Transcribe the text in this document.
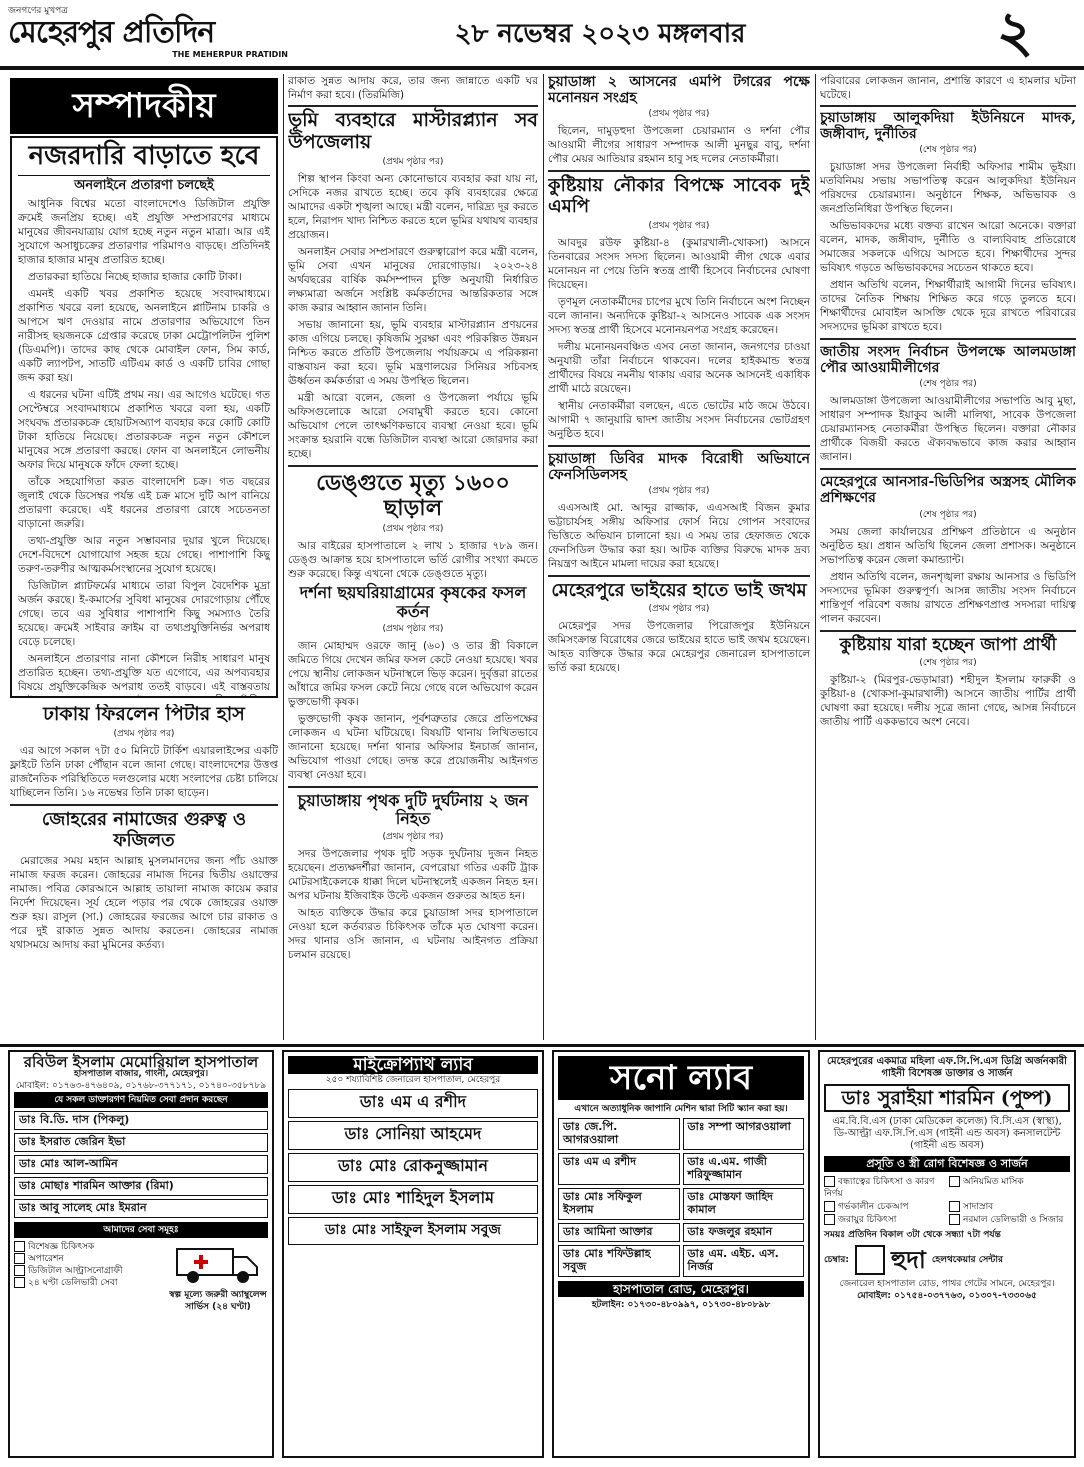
জনগণের মুখপত্র
মেহেরপুর প্রতিদিন
THE MEHERPUR PRATIDIN
২৮ নভেম্বর ২০২৩ মঙ্গলবার	২
সম্পাদকীয়
নজরদারি বাড়াতে হবে
অনলাইনে প্রতারণা চলছেই

আধুনিক বিশ্বের মতো বাংলাদেশেও ডিজিটাল প্রযুক্তি ক্রমেই জনপ্রিয় হচ্ছে। এই প্রযুক্তি সম্প্রসারণের মাধ্যমে মানুষের জীবনযাত্রায় যোগ হচ্ছে নতুন নতুন মাত্রা। আর এই সুযোগে অসাধুচক্রের প্রতারণার পরিমাণও বাড়ছে। প্রতিদিনই হাজার হাজার মানুষ প্রতারিত হচ্ছে।

প্রতারকরা হাতিয়ে নিচ্ছে হাজার হাজার কোটি টাকা।

এমনই একটি খবর প্রকাশিত হয়েছে সংবাদমাধ্যমে। প্রকাশিত খবরে বলা হয়েছে, অনলাইনে প্লাটিনাম চাকরি ও আপসে ঋণ দেওয়ার নামে প্রতারণার অভিযোগে তিন নারীসহ ছয়জনকে গ্রেপ্তার করেছে ঢাকা মেট্রোপলিটন পুলিশ (ডিএমপি)। তাদের কাছ থেকে মোবাইল ফোন, সিম কার্ড, একটি ল্যাপটপ, সাতটি এটিএম কার্ড ও একটি চাবির গোছা জব্দ করা হয়।

এ ধরনের ঘটনা এটিই প্রথম নয়। এর আগেও ঘটেছে। গত সেপ্টেম্বরে সংবাদমাধ্যমে প্রকাশিত খবরে বলা হয়, একটি সংঘবদ্ধ প্রতারকচক্র হোয়াটসঅ্যাপ ব্যবহার করে কোটি কোটি টাকা হাতিয়ে নিয়েছে। প্রতারকচক্র নতুন নতুন কৌশলে মানুষের সঙ্গে প্রতারণা করছে। ফোন বা অনলাইনে লোভনীয় অফার দিয়ে মানুষকে ফাঁদে ফেলা হচ্ছে।

তাঁকে সহযোগিতা করত বাংলাদেশি চক্র। গত বছরের জুলাই থেকে ডিসেম্বর পর্যন্ত এই চক্র মাসে দুটি আপ বানিয়ে প্রতারণা করেছে। এই ধরনের প্রতারণা রোধে সচেতনতা বাড়ানো জরুরি।

তথ্য-প্রযুক্তি আর নতুন সম্ভাবনার দুয়ার খুলে দিয়েছে। দেশে-বিদেশে যোগাযোগ সহজ হয়ে গেছে। পাশাপাশি কিছু তরুণ-তরুণীর আত্মকর্মসংস্থানের সুযোগ হয়েছে।

ডিজিটাল প্ল্যাটফর্মের মাধ্যমে তারা বিপুল বৈদেশিক মুদ্রা অর্জন করছে। ই-কমার্সের সুবিধা মানুষের দোরগোড়ায় পৌঁছে গেছে। তবে এর সুবিধার পাশাপাশি কিছু সমস্যাও তৈরি হয়েছে। ক্রমেই সাইবার ক্রাইম বা তথ্যপ্রযুক্তিনির্ভর অপরাধ বেড়ে চলেছে।

অনলাইনে প্রতারণার নানা কৌশলে নিরীহ সাধারণ মানুষ প্রতারিত হচ্ছেন। তথ্য-প্রযুক্তি যত এগোবে, এর অপব্যবহার বিষয়ে প্রযুক্তিকেন্দ্রিক অপরাধ ততই বাড়বে। এই বাস্তবতায়

ঢাকায় ফিরলেন পিটার হাস
(প্রথম পৃষ্ঠার পর)

এর আগে সকাল ৭টা ৫০ মিনিটে টার্কিশ এয়ারলাইন্সের একটি ফ্লাইটে তিনি ঢাকা পৌঁছান বলে জানা গেছে। বাংলাদেশের উত্তপ্ত রাজনৈতিক পরিস্থিতিতে দলগুলোর মধ্যে সংলাপের চেষ্টা চালিয়ে যাচ্ছিলেন তিনি। ১৬ নভেম্বর তিনি ঢাকা ছাড়েন।

জোহরের নামাজের গুরুত্ব ও ফজিলত

মেরাজের সময় মহান আল্লাহ মুসলমানদের জন্য পাঁচ ওয়াক্ত নামাজ ফরজ করেন। জোহরের নামাজ দিনের দ্বিতীয় ওয়াক্তের নামাজ। পবিত্র কোরআনে আল্লাহ তায়ালা নামাজ কায়েম করার নির্দেশ দিয়েছেন। সূর্য হেলে পড়ার পর থেকে জোহরের ওয়াক্ত শুরু হয়। রাসুল (সা.) জোহরের ফরজের আগে চার রাকাত ও পরে দুই রাকাত সুন্নত আদায় করতেন। জোহরের নামাজ যথাসময়ে আদায় করা মুমিনের কর্তব্য।

রাকাত সুন্নত আদায় করে, তার জন্য জান্নাতে একটি ঘর নির্মাণ করা হবে। (তিরমিজি)

ভূমি ব্যবহারে মাস্টারপ্ল্যান সব উপজেলায়
(প্রথম পৃষ্ঠার পর)

শিল্প স্থাপন কিংবা অন্য কোনোভাবে ব্যবহার করা যায় না, সেদিকে নজর রাখতে হচ্ছে। তবে কৃষি ব্যবহারের ক্ষেত্রে আমাদের একটা শৃঙ্খলা আছে। মন্ত্রী বলেন, দারিদ্র্য দূর করতে হলে, নিরাপদ খাদ্য নিশ্চিত করতে হলে ভূমির যথাযথ ব্যবহার প্রয়োজন।

অনলাইন সেবার সম্প্রসারণে গুরুত্বারোপ করে মন্ত্রী বলেন, ভূমি সেবা এখন মানুষের দোরগোড়ায়। ২০২৩-২৪ অর্থবছরের বার্ষিক কর্মসম্পাদন চুক্তি অনুযায়ী নির্ধারিত লক্ষ্যমাত্রা অর্জনে সংশ্লিষ্ট কর্মকর্তাদের আন্তরিকতার সঙ্গে কাজ করার আহ্বান জানান তিনি।

সভায় জানানো হয়, ভূমি ব্যবহার মাস্টারপ্ল্যান প্রণয়নের কাজ এগিয়ে চলছে। কৃষিজমি সুরক্ষা এবং পরিকল্পিত উন্নয়ন নিশ্চিত করতে প্রতিটি উপজেলায় পর্যায়ক্রমে এ পরিকল্পনা বাস্তবায়ন করা হবে। ভূমি মন্ত্রণালয়ের সিনিয়র সচিবসহ ঊর্ধ্বতন কর্মকর্তারা এ সময় উপস্থিত ছিলেন।

মন্ত্রী আরো বলেন, জেলা ও উপজেলা পর্যায়ে ভূমি অফিসগুলোকে আরো সেবামুখী করতে হবে। কোনো অভিযোগ পেলে তাৎক্ষণিকভাবে ব্যবস্থা নেওয়া হবে। ভূমি সংক্রান্ত হয়রানি বন্ধে ডিজিটাল ব্যবস্থা আরো জোরদার করা হচ্ছে।

ডেঙ্গুতে মৃত্যু ১৬০০ ছাড়াল
(প্রথম পৃষ্ঠার পর)

আর বাইরের হাসপাতালে ২ লাখ ১ হাজার ৭৮৯ জন। ডেঙ্গু আক্রান্ত হয়ে হাসপাতালে ভর্তি রোগীর সংখ্যা কমতে শুরু করেছে। কিন্তু এখনো থেকে ডেঙ্গুতে মৃত্যু।

দর্শনা ছয়ঘরিয়াগ্রামের কৃষকের ফসল কর্তন
(প্রথম পৃষ্ঠার পর)

জান মোহাম্মদ ওরফে জানু (৬০) ও তার স্ত্রী বিকালে জমিতে গিয়ে দেখেন জমির ফসল কেটে নেওয়া হয়েছে। খবর পেয়ে স্থানীয় লোকজন ঘটনাস্থলে ভিড় করেন। দুর্বৃত্তরা রাতের আঁধারে জমির ফসল কেটে নিয়ে গেছে বলে অভিযোগ করেন ভুক্তভোগী কৃষক।

ভুক্তভোগী কৃষক জানান, পূর্বশত্রুতার জেরে প্রতিপক্ষের লোকজন এ ঘটনা ঘটিয়েছে। বিষয়টি থানায় লিখিতভাবে জানানো হয়েছে। দর্শনা থানার অফিসার ইনচার্জ জানান, অভিযোগ পাওয়া গেছে। তদন্ত করে প্রয়োজনীয় আইনগত ব্যবস্থা নেওয়া হবে।

চুয়াডাঙ্গায় পৃথক দুটি দুর্ঘটনায় ২ জন নিহত
(প্রথম পৃষ্ঠার পর)

সদর উপজেলার পৃথক দুটি সড়ক দুর্ঘটনায় দুজন নিহত হয়েছেন। প্রত্যক্ষদর্শীরা জানান, বেপরোয়া গতির একটি ট্রাক মোটরসাইকেলকে ধাক্কা দিলে ঘটনাস্থলেই একজন নিহত হন। অপর ঘটনায় ইজিবাইক উল্টে একজন গুরুতর আহত হন।

আহত ব্যক্তিকে উদ্ধার করে চুয়াডাঙ্গা সদর হাসপাতালে নেওয়া হলে কর্তব্যরত চিকিৎসক তাঁকে মৃত ঘোষণা করেন। সদর থানার ওসি জানান, এ ঘটনায় আইনগত প্রক্রিয়া চলমান রয়েছে।

চুয়াডাঙ্গা ২ আসনের এমপি টগরের পক্ষে মনোনয়ন সংগ্রহ
(প্রথম পৃষ্ঠার পর)

ছিলেন, দামুড়হুদা উপজেলা চেয়ারম্যান ও দর্শনা পৌর আওয়ামী লীগের সাধারণ সম্পাদক আলী মুনছুর বাবু, দর্শনা পৌর মেয়র আতিয়ার রহমান হাবু সহ দলের নেতাকর্মীরা।

কুষ্টিয়ায় নৌকার বিপক্ষে সাবেক দুই এমপি
(প্রথম পৃষ্ঠার পর)

আবদুর রউফ কুষ্টিয়া-৪ (কুমারখালী-খোকসা) আসনে তিনবারের সংসদ সদস্য ছিলেন। আওয়ামী লীগ থেকে এবার মনোনয়ন না পেয়ে তিনি স্বতন্ত্র প্রার্থী হিসেবে নির্বাচনের ঘোষণা দিয়েছেন।

তৃণমূল নেতাকর্মীদের চাপের মুখে তিনি নির্বাচনে অংশ নিচ্ছেন বলে জানান। অন্যদিকে কুষ্টিয়া-২ আসনেও সাবেক এক সংসদ সদস্য স্বতন্ত্র প্রার্থী হিসেবে মনোনয়নপত্র সংগ্রহ করেছেন।

দলীয় মনোনয়নবঞ্চিত এসব নেতা জানান, জনগণের চাওয়া অনুযায়ী তাঁরা নির্বাচনে থাকবেন। দলের হাইকমান্ড স্বতন্ত্র প্রার্থীদের বিষয়ে নমনীয় থাকায় এবার অনেক আসনেই একাধিক প্রার্থী মাঠে রয়েছেন।

স্থানীয় নেতাকর্মীরা বলছেন, এতে ভোটের মাঠ জমে উঠবে। আগামী ৭ জানুয়ারি দ্বাদশ জাতীয় সংসদ নির্বাচনের ভোটগ্রহণ অনুষ্ঠিত হবে।

চুয়াডাঙ্গা ডিবির মাদক বিরোধী অভিযানে ফেনসিডিলসহ
(প্রথম পৃষ্ঠার পর)

এএসআই মো. আব্দুর রাজ্জাক, এএসআই বিজন কুমার ভট্টাচার্যসহ সঙ্গীয় অফিসার ফোর্স নিয়ে গোপন সংবাদের ভিত্তিতে অভিযান চালানো হয়। এ সময় তার হেফাজত থেকে ফেনসিডিল উদ্ধার করা হয়। আটক ব্যক্তির বিরুদ্ধে মাদক দ্রব্য নিয়ন্ত্রণ আইনে মামলা দায়ের করা হয়েছে।

মেহেরপুরে ভাইয়ের হাতে ভাই জখম
(প্রথম পৃষ্ঠার পর)

মেহেরপুর সদর উপজেলার পিরোজপুর ইউনিয়নে জমিসংক্রান্ত বিরোধের জেরে ভাইয়ের হাতে ভাই জখম হয়েছেন। আহত ব্যক্তিকে উদ্ধার করে মেহেরপুর জেনারেল হাসপাতালে ভর্তি করা হয়েছে।

পরিবারের লোকজন জানান, প্রশান্তি কারণে এ হামলার ঘটনা ঘটেছে।

চুয়াডাঙ্গায় আলুকদিয়া ইউনিয়নে মাদক, জঙ্গীবাদ, দুর্নীতির
(শেষ পৃষ্ঠার পর)

চুয়াডাঙ্গা সদর উপজেলা নির্বাহী অফিসার শামীম ভূইয়া। মতবিনিময় সভায় সভাপতিত্ব করেন আলুকদিয়া ইউনিয়ন পরিষদের চেয়ারম্যান। অনুষ্ঠানে শিক্ষক, অভিভাবক ও জনপ্রতিনিধিরা উপস্থিত ছিলেন।

অভিভাবকদের মধ্যে বক্তব্য রাখেন আরো অনেকে। বক্তারা বলেন, মাদক, জঙ্গীবাদ, দুর্নীতি ও বাল্যবিবাহ প্রতিরোধে সমাজের সকলকে এগিয়ে আসতে হবে। শিক্ষার্থীদের সুন্দর ভবিষ্যৎ গড়তে অভিভাবকদের সচেতন থাকতে হবে।

প্রধান অতিথি বলেন, শিক্ষার্থীরাই আগামী দিনের ভবিষ্যৎ। তাদের নৈতিক শিক্ষায় শিক্ষিত করে গড়ে তুলতে হবে। শিক্ষার্থীদের মোবাইল আসক্তি থেকে দূরে রাখতে পরিবারের সদস্যদের ভূমিকা রাখতে হবে।

জাতীয় সংসদ নির্বাচন উপলক্ষে আলমডাঙ্গা পৌর আওয়ামীলীগের
(শেষ পৃষ্ঠার পর)

আলমডাঙ্গা উপজেলা আওয়ামীলীগের সভাপতি আবু মুছা, সাধারণ সম্পাদক ইয়াকুব আলী মালিথা, সাবেক উপজেলা চেয়ারম্যানসহ নেতাকর্মীরা উপস্থিত ছিলেন। বক্তারা নৌকার প্রার্থীকে বিজয়ী করতে ঐক্যবদ্ধভাবে কাজ করার আহ্বান জানান।

মেহেরপুরে আনসার-ভিডিপির অস্ত্রসহ মৌলিক প্রশিক্ষণের
(শেষ পৃষ্ঠার পর)

সময় জেলা কার্যালয়ের প্রশিক্ষণ প্রতিষ্ঠানে এ অনুষ্ঠান অনুষ্ঠিত হয়। প্রধান অতিথি ছিলেন জেলা প্রশাসক। অনুষ্ঠানে সভাপতিত্ব করেন জেলা কমান্ড্যান্ট।

প্রধান অতিথি বলেন, জনশৃঙ্খলা রক্ষায় আনসার ও ভিডিপি সদস্যদের ভূমিকা গুরুত্বপূর্ণ। আসন্ন জাতীয় সংসদ নির্বাচনে শান্তিপূর্ণ পরিবেশ বজায় রাখতে প্রশিক্ষণপ্রাপ্ত সদস্যরা দায়িত্ব পালন করবেন।

কুষ্টিয়ায় যারা হচ্ছেন জাপা প্রার্থী
(শেষ পৃষ্ঠার পর)

কুষ্টিয়া-২ (মিরপুর-ভেড়ামারা) শহীদুল ইসলাম ফারুকী ও কুষ্টিয়া-৪ (খোকসা-কুমারখালী) আসনে জাতীয় পার্টির প্রার্থী ঘোষণা করা হয়েছে। দলীয় সূত্রে জানা গেছে, আসন্ন নির্বাচনে জাতীয় পার্টি এককভাবে অংশ নেবে।

রবিউল ইসলাম মেমোরিয়াল হাসপাতাল
হাসপাতাল বাজার, গাংনী, মেহেরপুর।
মোবাইল: ০১৭৬৩-৪৭৬৪০৯, ০১৭৬৮-৩৭৭১৭১, ০১৭৪০-৩৫৮৭৮৯
যে সকল ডাক্তারগণ নিয়মিত সেবা প্রদান করছেন
ডাঃ বি.ডি. দাস (পিকলু)
ডাঃ ইসরাত জেরিন ইভা
ডাঃ মোঃ আল-আমিন
ডাঃ মোছাঃ শারমিন আক্তার (রিমা)
ডাঃ আবু সালেহ মোঃ ইমরান
আমাদের সেবা সমূহঃ
বিশেষজ্ঞ চিকিৎসক
অপারেশন
ডিজিটাল আল্ট্রাসনোগ্রাফী
২৪ ঘণ্টা ডেলিভারী সেবা
স্বল্প মূল্যে জরুরী অ্যাম্বুলেন্স সার্ভিস (২৪ ঘণ্টা)
মাইক্রোপ্যাথ ল্যাব
২৫০ শয্যাবিশিষ্ট জেনারেল হাসপাতাল, মেহেরপুর
ডাঃ এম এ রশীদ
ডাঃ সোনিয়া আহমেদ
ডাঃ মোঃ রোকনুজ্জামান
ডাঃ মোঃ শাহিদুল ইসলাম
ডাঃ মোঃ সাইফুল ইসলাম সবুজ
সনো ল্যাব
এখানে অত্যাধুনিক জাপানি মেশিন দ্বারা সিটি স্ক্যান করা হয়।
ডাঃ জে.পি. আগরওয়ালা
ডাঃ সম্পা আগরওয়ালা
ডাঃ এম এ রশীদ	ডাঃ এ.এম. গাজী শরিফুজ্জামান
ডাঃ মোঃ সফিকুল ইসলাম
ডাঃ মোস্তফা জাহিদ কামাল
ডাঃ আমিনা আক্তার	ডাঃ ফজলুর রহমান
ডাঃ মোঃ শফিউল্লাহ সবুজ
ডাঃ এম. এইচ. এস. নির্জর
হাসপাতাল রোড, মেহেরপুর।
হটলাইন: ০১৭৩০-৪৮০৯৯৭, ০১৭৩০-৪৮০৮৯৮
মেহেরপুরের একমাত্র মহিলা এফ.সি.পি.এস ডিগ্রি অর্জনকারী গাইনী বিশেষজ্ঞ ডাক্তার ও সার্জন
ডাঃ সুরাইয়া শারমিন (পুষ্প)
এম.বি.বি.এস (ঢাকা মেডিকেল কলেজ) বি.সি.এস (স্বাস্থ্য), ডি-আল্ট্রা এফ.সি.পি.এস (গাইনী এন্ড অবস) কনসালটেন্ট (গাইনী এন্ড অবস)
প্রসূতি ও স্ত্রী রোগ বিশেষজ্ঞ ও সার্জন
বন্ধ্যাত্বের চিকিৎসা ও কারণ নির্ণয়
অনিয়মিত মাসিক
গর্ভকালীন চেকআপ	সাদাস্রাব
জরায়ুর চিকিৎসা	নরমাল ডেলিভারী ও সিজার
সময়ঃ প্রতিদিন বিকাল ৩টা থেকে সন্ধ্যা ৭টা পর্যন্ত
চেম্বার: হুদা হেলথকেয়ার সেন্টার
জেনারেল হাসপাতাল রোড, পাথর গেটের সামনে, মেহেরপুর।
মোবাইল: ০১৭৫৪-০৩৭৭৬৩, ০১৩০৭-৭৩৩০৬৫
